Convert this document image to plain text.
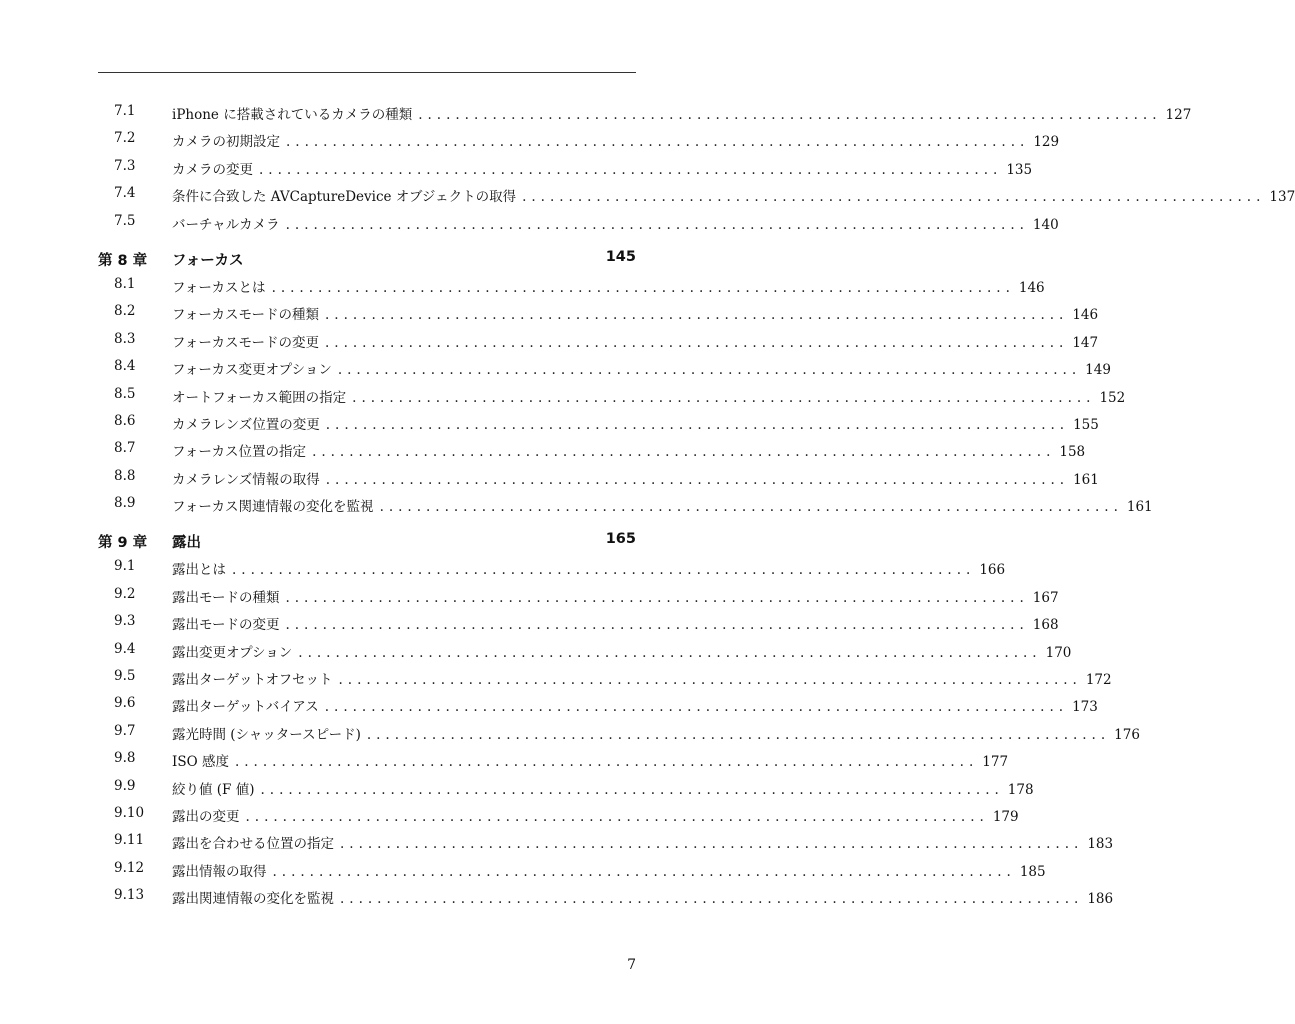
7.1	iPhone に搭載されているカメラの種類 ................................................................................ 127
7.2	カメラの初期設定 ................................................................................ 129
7.3	カメラの変更 ................................................................................ 135
7.4	条件に合致した AVCaptureDevice オブジェクトの取得 ................................................................................ 137
7.5	バーチャルカメラ ................................................................................ 140
第 8 章 フォーカス	145
8.1	フォーカスとは ................................................................................ 146
8.2	フォーカスモードの種類 ................................................................................ 146
8.3	フォーカスモードの変更 ................................................................................ 147
8.4	フォーカス変更オプション ................................................................................ 149
8.5	オートフォーカス範囲の指定 ................................................................................ 152
8.6	カメラレンズ位置の変更 ................................................................................ 155
8.7	フォーカス位置の指定 ................................................................................ 158
8.8	カメラレンズ情報の取得 ................................................................................ 161
8.9	フォーカス関連情報の変化を監視 ................................................................................ 161
第 9 章 露出	165
9.1	露出とは ................................................................................ 166
9.2	露出モードの種類 ................................................................................ 167
9.3	露出モードの変更 ................................................................................ 168
9.4	露出変更オプション ................................................................................ 170
9.5	露出ターゲットオフセット ................................................................................ 172
9.6	露出ターゲットバイアス ................................................................................ 173
9.7	露光時間 (シャッタースピード) ................................................................................ 176
9.8	ISO 感度 ................................................................................ 177
9.9	絞り値 (F 値) ................................................................................ 178
9.10	露出の変更 ................................................................................ 179
9.11	露出を合わせる位置の指定 ................................................................................ 183
9.12	露出情報の取得 ................................................................................ 185
9.13	露出関連情報の変化を監視 ................................................................................ 186
7
